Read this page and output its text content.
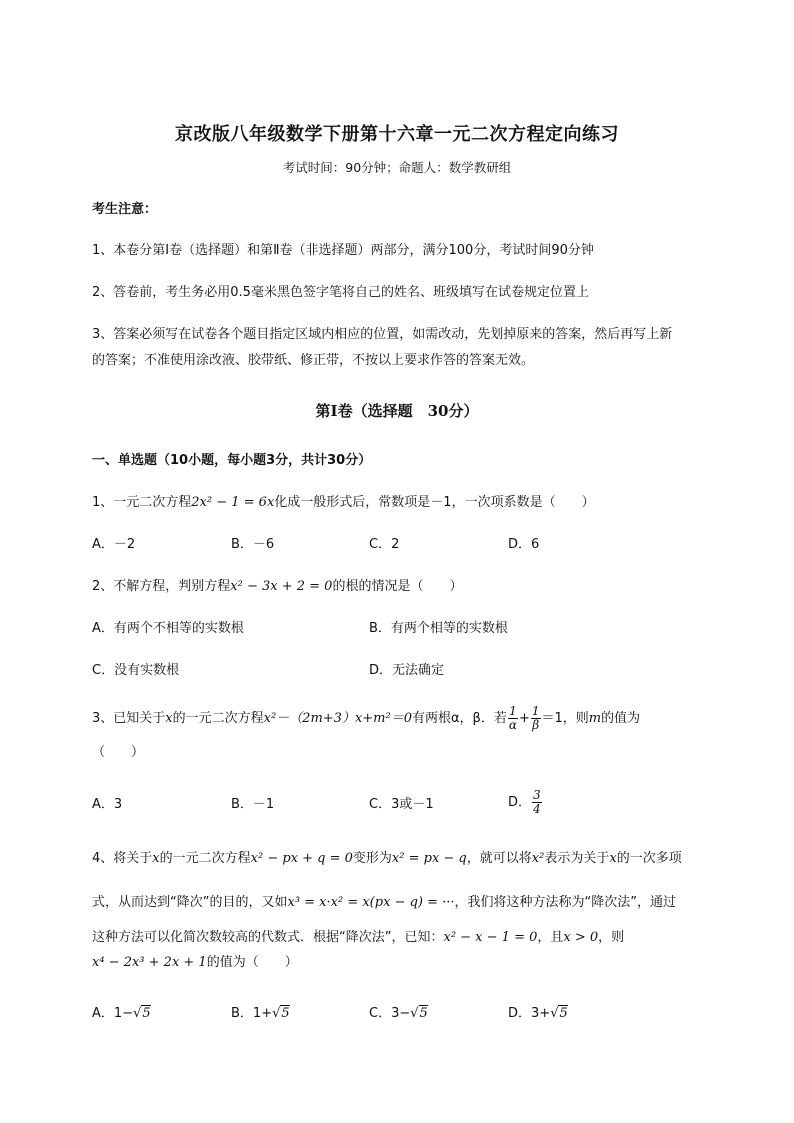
京改版八年级数学下册第十六章一元二次方程定向练习
考试时间：90分钟；命题人：数学教研组
考生注意：
1、本卷分第I卷（选择题）和第Ⅱ卷（非选择题）两部分，满分100分，考试时间90分钟
2、答卷前，考生务必用0.5毫米黑色签字笔将自己的姓名、班级填写在试卷规定位置上
3、答案必须写在试卷各个题目指定区域内相应的位置，如需改动，先划掉原来的答案，然后再写上新
的答案；不准使用涂改液、胶带纸、修正带，不按以上要求作答的答案无效。
第I卷（选择题　30分）
一、单选题（10小题，每小题3分，共计30分）
1、一元二次方程2x² − 1 = 6x化成一般形式后，常数项是－1，一次项系数是（　　）
A．－2	B．－6	C．2	D．6
2、不解方程，判别方程x² − 3x + 2 = 0的根的情况是（　　）
A．有两个不相等的实数根	B．有两个相等的实数根
C．没有实数根	D．无法确定
3、已知关于x的一元二次方程x²－（2m+3）x+m²＝0有两根α，β．若 $\frac{1}{\alpha} + \frac{1}{\beta} =1$，则m的值为
（　　）
A．3	B．－1	C．3或－1	D． $\frac{3}{4}$
4、将关于x的一元二次方程x² − px + q = 0变形为x² = px − q，就可以将x²表示为关于x的一次多项
式，从而达到“降次”的目的，又如x³ = x·x² = x(px − q) = ···，我们将这种方法称为“降次法”，通过
这种方法可以化简次数较高的代数式．根据“降次法”，已知：x² − x − 1 = 0，且x > 0，则
x⁴ − 2x³ + 2x + 1的值为（　　）
A．1−√5	B．1+√5	C．3−√5	D．3+√5
